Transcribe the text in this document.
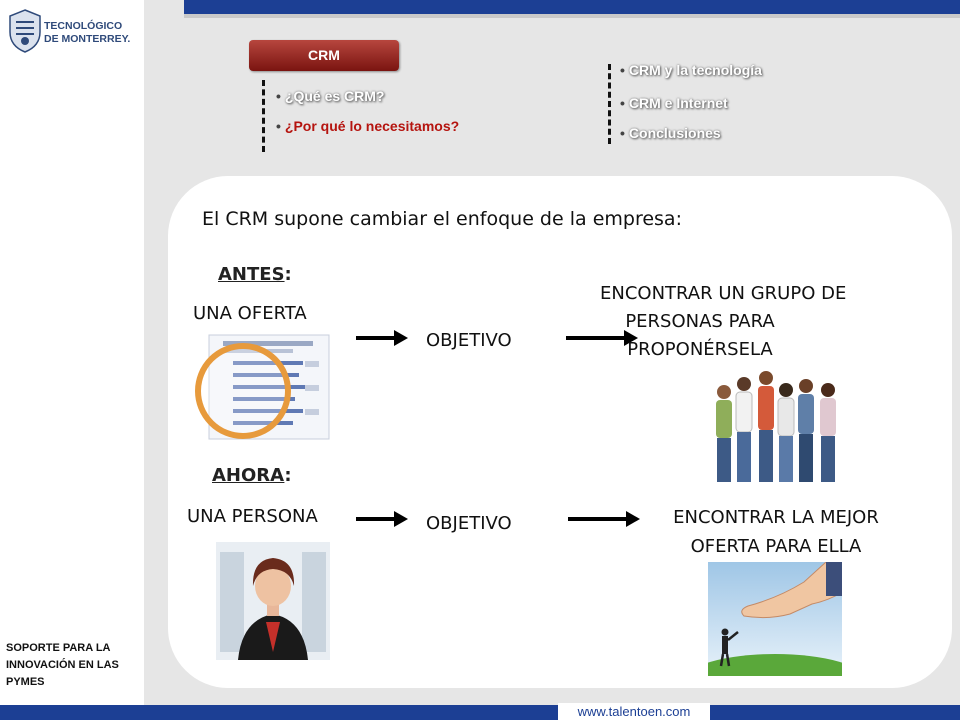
TECNOLÓGICO
DE MONTERREY.
SOPORTE PARA LA
INNOVACIÓN EN LAS
PYMES
CRM
• ¿Qué es CRM?
• ¿Por qué lo necesitamos?
• CRM y la tecnología
• CRM e Internet
• Conclusiones
El CRM supone cambiar el enfoque de la empresa:
ANTES:
UNA OFERTA
OBJETIVO
ENCONTRAR UN GRUPO DE
PERSONAS PARA
PROPONÉRSELA
AHORA:
UNA PERSONA	OBJETIVO	ENCONTRAR LA MEJOR
OFERTA PARA ELLA
www.talentoen.com
